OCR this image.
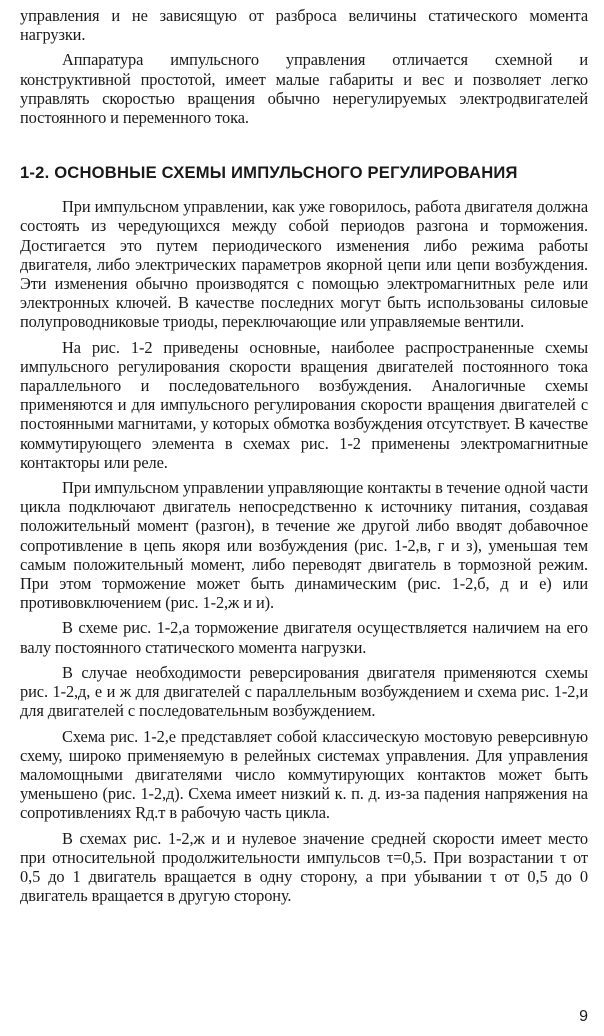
управления и не зависящую от разброса величины статического момента нагрузки.

Аппаратура импульсного управления отличается схемной и конструктивной простотой, имеет малые габариты и вес и позволяет легко управлять скоростью вращения обычно нерегулируемых электродвигателей постоянного и переменного тока.

1-2. ОСНОВНЫЕ СХЕМЫ ИМПУЛЬСНОГО РЕГУЛИРОВАНИЯ

При импульсном управлении, как уже говорилось, работа двигателя должна состоять из чередующихся между собой периодов разгона и торможения. Достигается это путем периодического изменения либо режима работы двигателя, либо электрических параметров якорной цепи или цепи возбуждения. Эти изменения обычно производятся с помощью электромагнитных реле или электронных ключей. В качестве последних могут быть использованы силовые полупроводниковые триоды, переключающие или управляемые вентили.

На рис. 1-2 приведены основные, наиболее распространенные схемы импульсного регулирования скорости вращения двигателей постоянного тока параллельного и последовательного возбуждения. Аналогичные схемы применяются и для импульсного регулирования скорости вращения двигателей с постоянными магнитами, у которых обмотка возбуждения отсутствует. В качестве коммутирующего элемента в схемах рис. 1-2 применены электромагнитные контакторы или реле.

При импульсном управлении управляющие контакты в течение одной части цикла подключают двигатель непосредственно к источнику питания, создавая положительный момент (разгон), в течение же другой либо вводят добавочное сопротивление в цепь якоря или возбуждения (рис. 1-2,в, г и з), уменьшая тем самым положительный момент, либо переводят двигатель в тормозной режим. При этом торможение может быть динамическим (рис. 1-2,б, д и е) или противовключением (рис. 1-2,ж и и).

В схеме рис. 1-2,а торможение двигателя осуществляется наличием на его валу постоянного статического момента нагрузки.

В случае необходимости реверсирования двигателя применяются схемы рис. 1-2,д, е и ж для двигателей с параллельным возбуждением и схема рис. 1-2,и для двигателей с последовательным возбуждением.

Схема рис. 1-2,е представляет собой классическую мостовую реверсивную схему, широко применяемую в релейных системах управления. Для управления маломощными двигателями число коммутирующих контактов может быть уменьшено (рис. 1-2,д). Схема имеет низкий к. п. д. из-за падения напряжения на сопротивлениях Rд.т в рабочую часть цикла.

В схемах рис. 1-2,ж и и нулевое значение средней скорости имеет место при относительной продолжительности импульсов τ=0,5. При возрастании τ от 0,5 до 1 двигатель вращается в одну сторону, а при убывании τ от 0,5 до 0 двигатель вращается в другую сторону.

9
